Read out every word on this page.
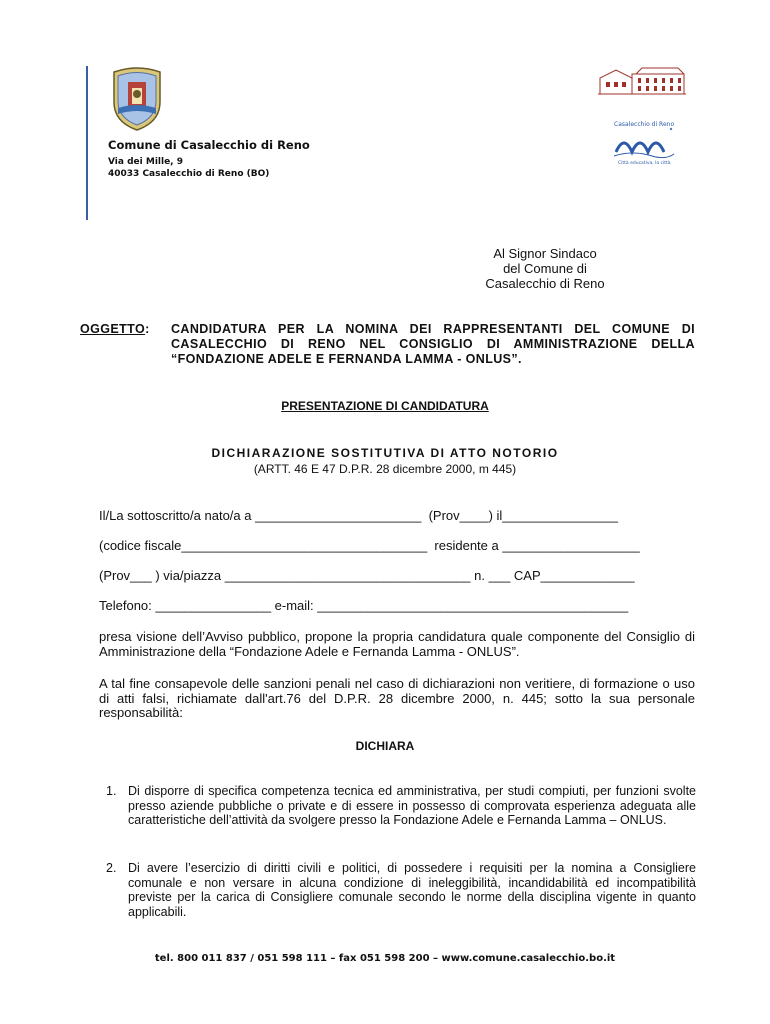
Comune di Casalecchio di Reno
Via dei Mille, 9
40033 Casalecchio di Reno (BO)
Casalecchio di Reno
Città educativa, la città
Al Signor Sindaco
del Comune di
Casalecchio di Reno
OGGETTO: CANDIDATURA PER LA NOMINA DEI RAPPRESENTANTI DEL COMUNE DI CASALECCHIO DI RENO NEL CONSIGLIO DI AMMINISTRAZIONE DELLA “FONDAZIONE ADELE E FERNANDA LAMMA - ONLUS”.
PRESENTAZIONE DI CANDIDATURA
DICHIARAZIONE SOSTITUTIVA DI ATTO NOTORIO
(ARTT. 46 E 47 D.P.R. 28 dicembre 2000, m 445)
Il/La sottoscritto/a nato/a a _______________________  (Prov____) il________________
(codice fiscale__________________________________  residente a ___________________
(Prov___ ) via/piazza __________________________________ n. ___ CAP_____________
Telefono: ________________ e-mail: ___________________________________________
presa visione dell’Avviso pubblico, propone la propria candidatura quale componente del Consiglio di Amministrazione della “Fondazione Adele e Fernanda Lamma - ONLUS”.
A tal fine consapevole delle sanzioni penali nel caso di dichiarazioni non veritiere, di formazione o uso di atti falsi, richiamate dall'art.76 del D.P.R. 28 dicembre 2000, n. 445; sotto la sua personale responsabilità:
DICHIARA
1. Di disporre di specifica competenza tecnica ed amministrativa, per studi compiuti, per funzioni svolte presso aziende pubbliche o private e di essere in possesso di comprovata esperienza adeguata alle caratteristiche dell’attività da svolgere presso la Fondazione Adele e Fernanda Lamma – ONLUS.
2. Di avere l’esercizio di diritti civili e politici, di possedere i requisiti per la nomina a Consigliere comunale e non versare in alcuna condizione di ineleggibilità, incandidabilità ed incompatibilità previste per la carica di Consigliere comunale secondo le norme della disciplina vigente in quanto applicabili.
tel. 800 011 837 / 051 598 111 – fax 051 598 200 – www.comune.casalecchio.bo.it
